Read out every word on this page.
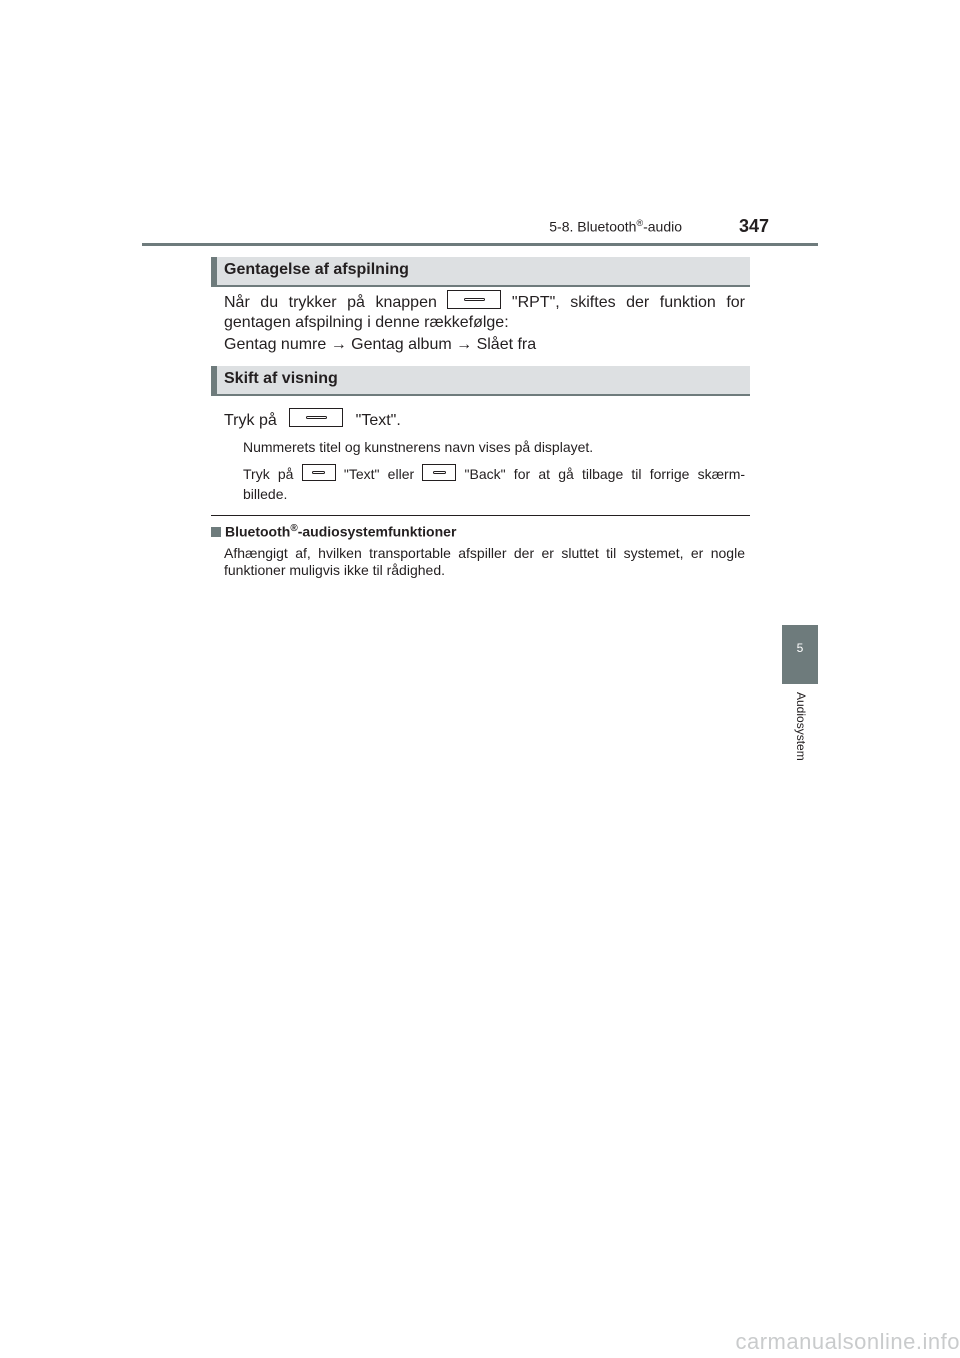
5-8. Bluetooth®-audio	347
5
Audiosystem
Gentagelse af afspilning
Når du trykker på knappen	"RPT", skiftes der funktion for
gentagen afspilning i denne rækkefølge:
Gentag numre → Gentag album → Slået fra
Skift af visning
Tryk på	"Text".
Nummerets titel og kunstnerens navn vises på displayet.
Tryk på	"Text" eller	"Back" for at gå tilbage til forrige skærm-
billede.
Bluetooth®-audiosystemfunktioner
Afhængigt af, hvilken transportable afspiller der er sluttet til systemet, er nogle funktioner muligvis ikke til rådighed.
carmanualsonline.info
